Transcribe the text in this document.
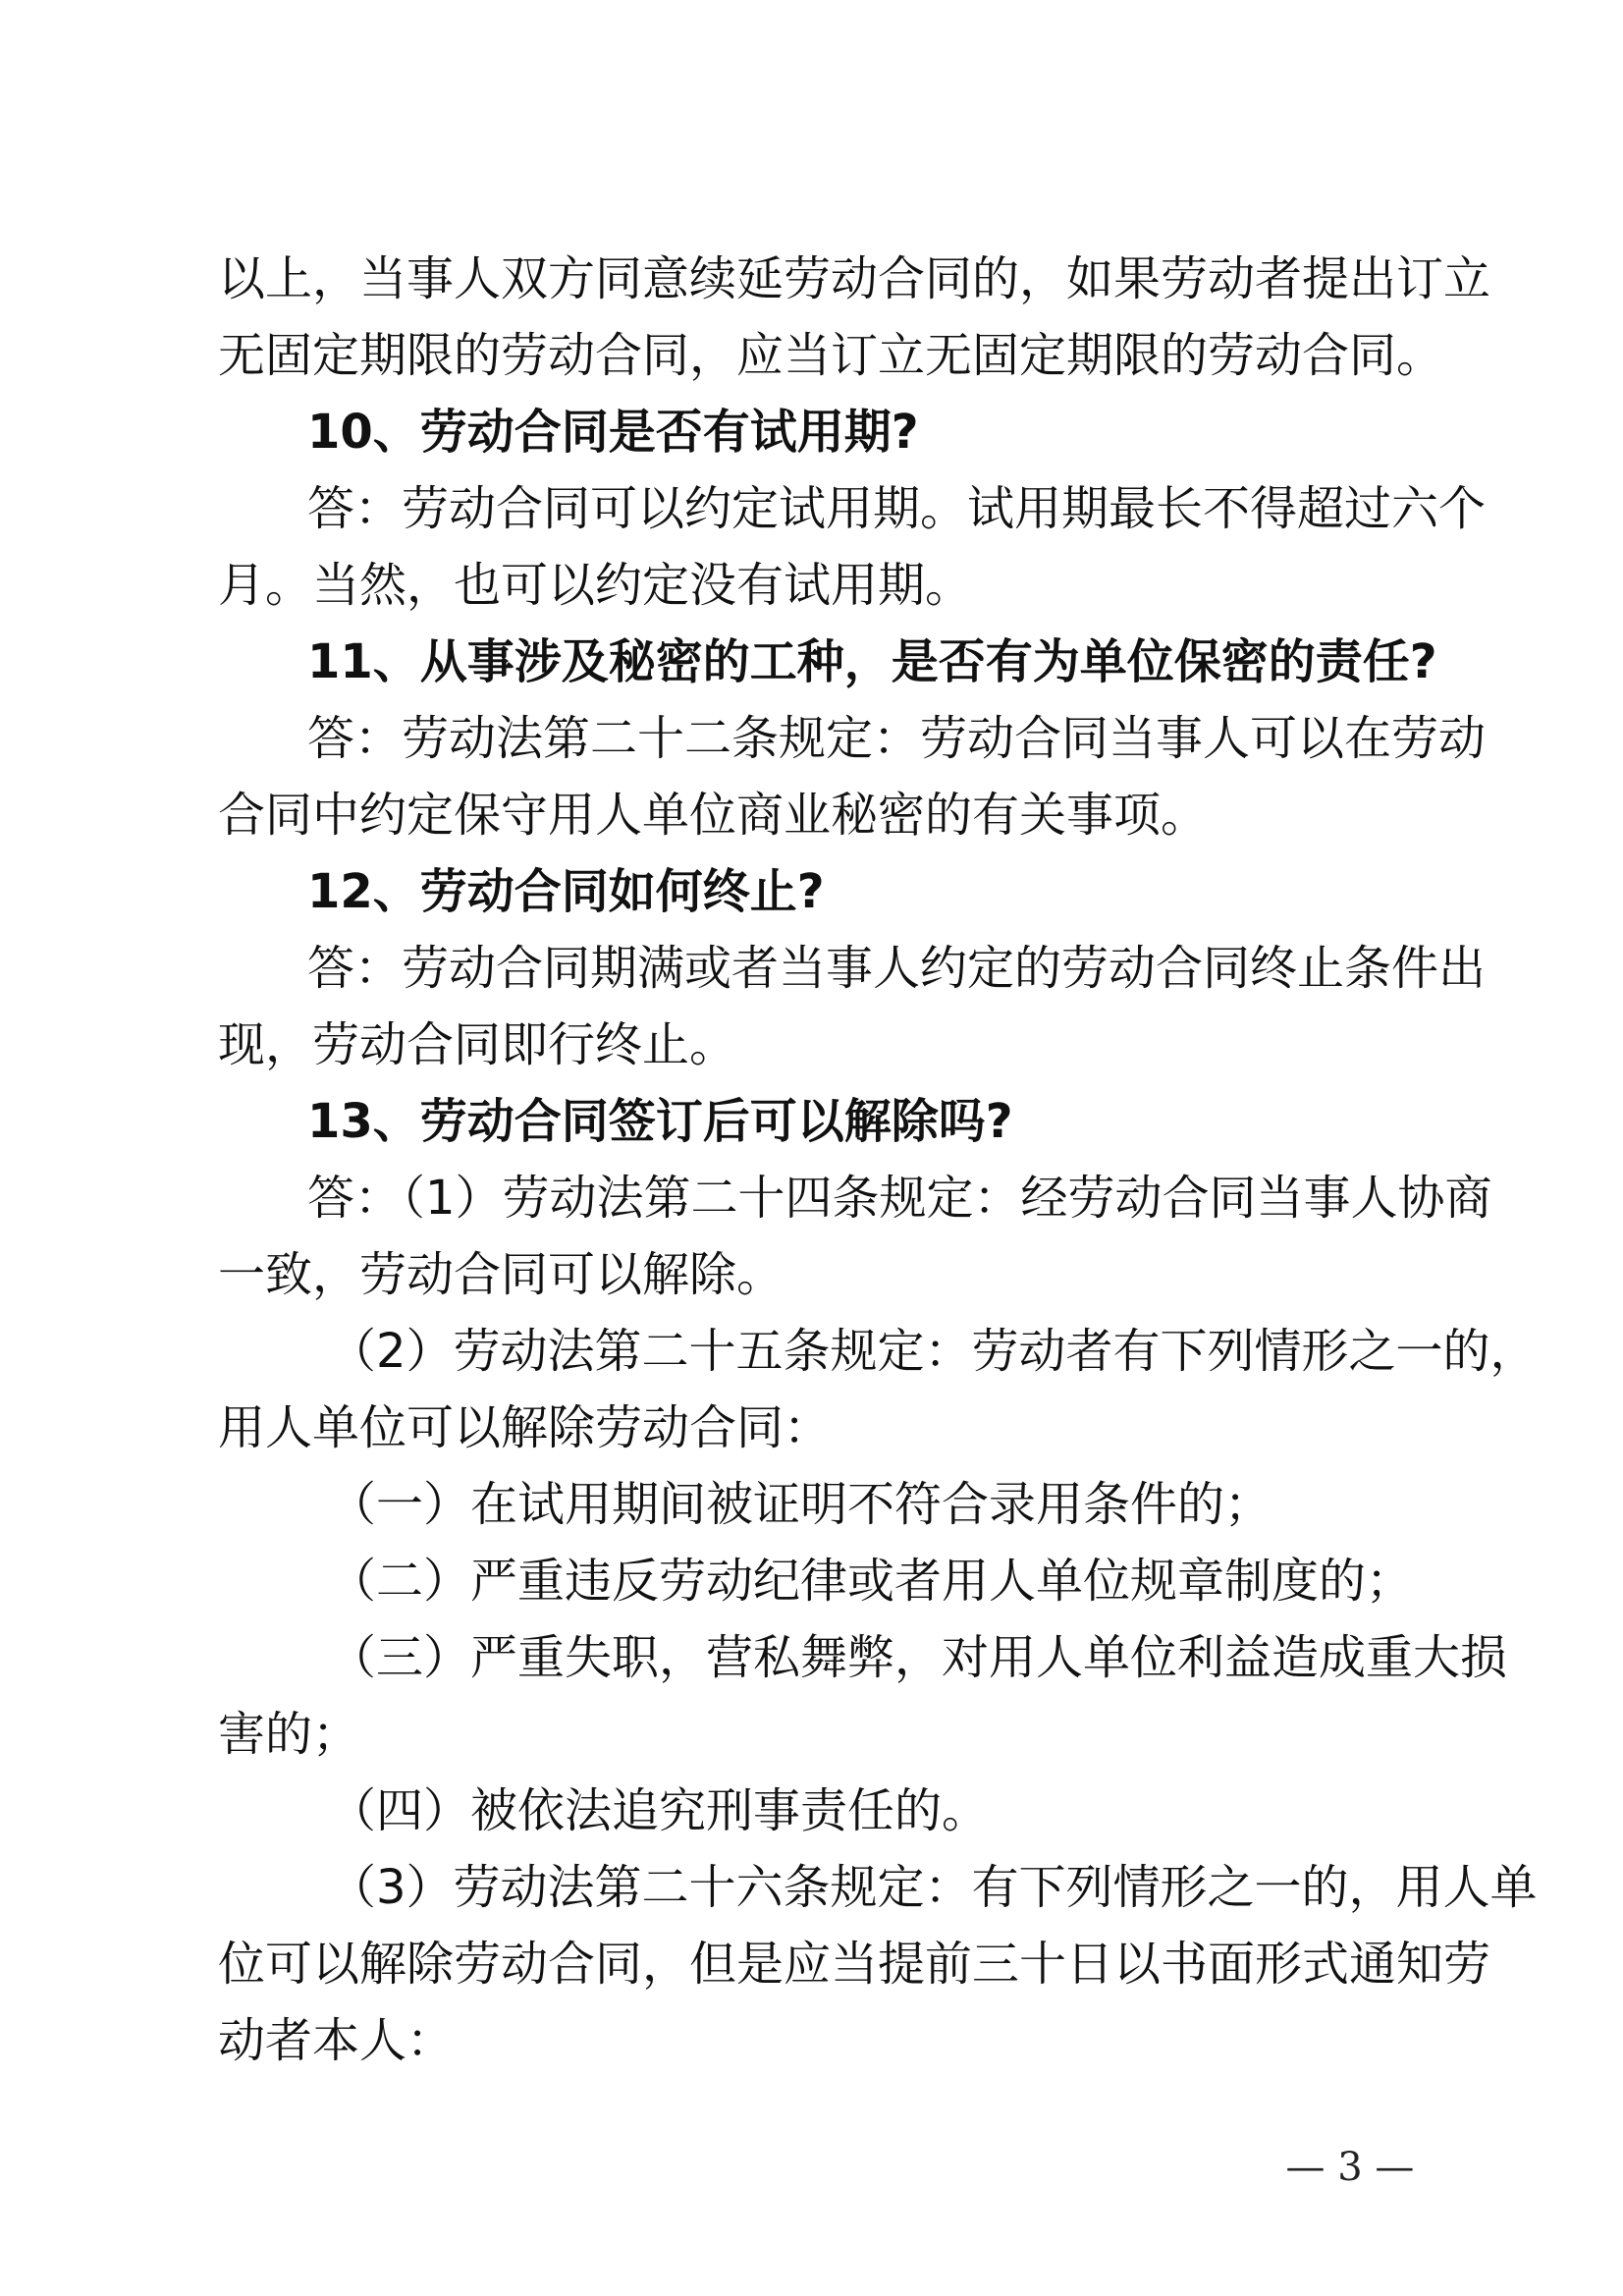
以上，当事人双方同意续延劳动合同的，如果劳动者提出订立
无固定期限的劳动合同，应当订立无固定期限的劳动合同。
10、劳动合同是否有试用期?
答：劳动合同可以约定试用期。试用期最长不得超过六个
月。当然，也可以约定没有试用期。
11、从事涉及秘密的工种，是否有为单位保密的责任?
答：劳动法第二十二条规定：劳动合同当事人可以在劳动
合同中约定保守用人单位商业秘密的有关事项。
12、劳动合同如何终止?
答：劳动合同期满或者当事人约定的劳动合同终止条件出
现，劳动合同即行终止。
13、劳动合同签订后可以解除吗?
答：（1）劳动法第二十四条规定：经劳动合同当事人协商
一致，劳动合同可以解除。
（2）劳动法第二十五条规定：劳动者有下列情形之一的，
用人单位可以解除劳动合同：
（一）在试用期间被证明不符合录用条件的；
（二）严重违反劳动纪律或者用人单位规章制度的；
（三）严重失职，营私舞弊，对用人单位利益造成重大损
害的；
（四）被依法追究刑事责任的。
（3）劳动法第二十六条规定：有下列情形之一的，用人单
位可以解除劳动合同，但是应当提前三十日以书面形式通知劳
动者本人：
— 3 —
